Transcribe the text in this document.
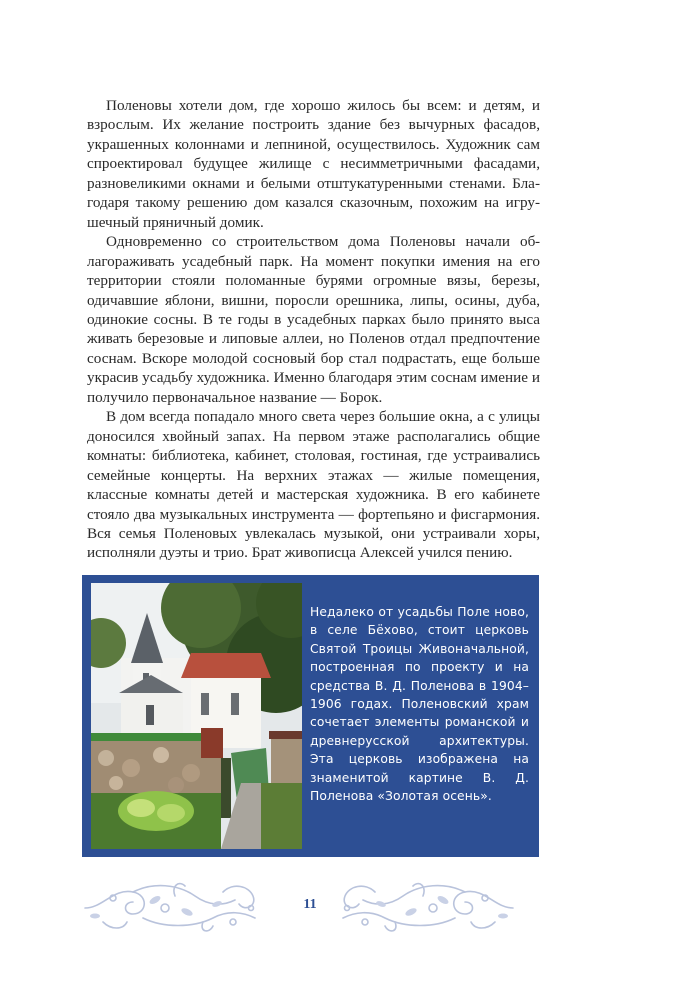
Поленовы хотели дом, где хорошо жилось бы всем: и детям, и взрослым. Их желание построить здание без вычурных фасадов, украшенных колоннами и лепниной, осуществилось. Художник сам спроектировал будущее жилище с несимметричными фасадами, разновеликими окнами и белыми отштукатуренными стенами. Благодаря такому решению дом казался сказочным, похожим на игрушечный пряничный домик.

Одновременно со строительством дома Поленовы начали облагораживать усадебный парк. На момент покупки имения на его территории стояли поломанные бурями огромные вязы, березы, одичавшие яблони, вишни, поросли орешника, липы, осины, дуба, одинокие сосны. В те годы в усадебных парках было принято выса живать березовые и липовые аллеи, но Поленов отдал предпочтение соснам. Вскоре молодой сосновый бор стал подрастать, еще больше украсив усадьбу художника. Именно благодаря этим соснам имение и получило первоначальное название — Борок.

В дом всегда попадало много света через большие окна, а с улицы доносился хвойный запах. На первом этаже располагались общие комнаты: библиотека, кабинет, столовая, гостиная, где устраивались семейные концерты. На верхних этажах — жилые помещения, классные комнаты детей и мастерская художника. В его кабинете стояло два музыкальных инструмента — фортепьяно и фисгармония. Вся семья Поленовых увлекалась музыкой, они устраивали хоры, исполняли дуэты и трио. Брат живописца Алексей учился пению.

Недалеко от усадьбы Поле ново, в селе Бёхово, стоит церковь Святой Троицы Живоначальной, построенная по проекту и на средства В. Д. Поленова в 1904–1906 годах. Поленовский храм сочетает элементы романской и древнерусской архитектуры. Эта церковь изображена на знаменитой картине В. Д. Поленова «Золотая осень».
11
